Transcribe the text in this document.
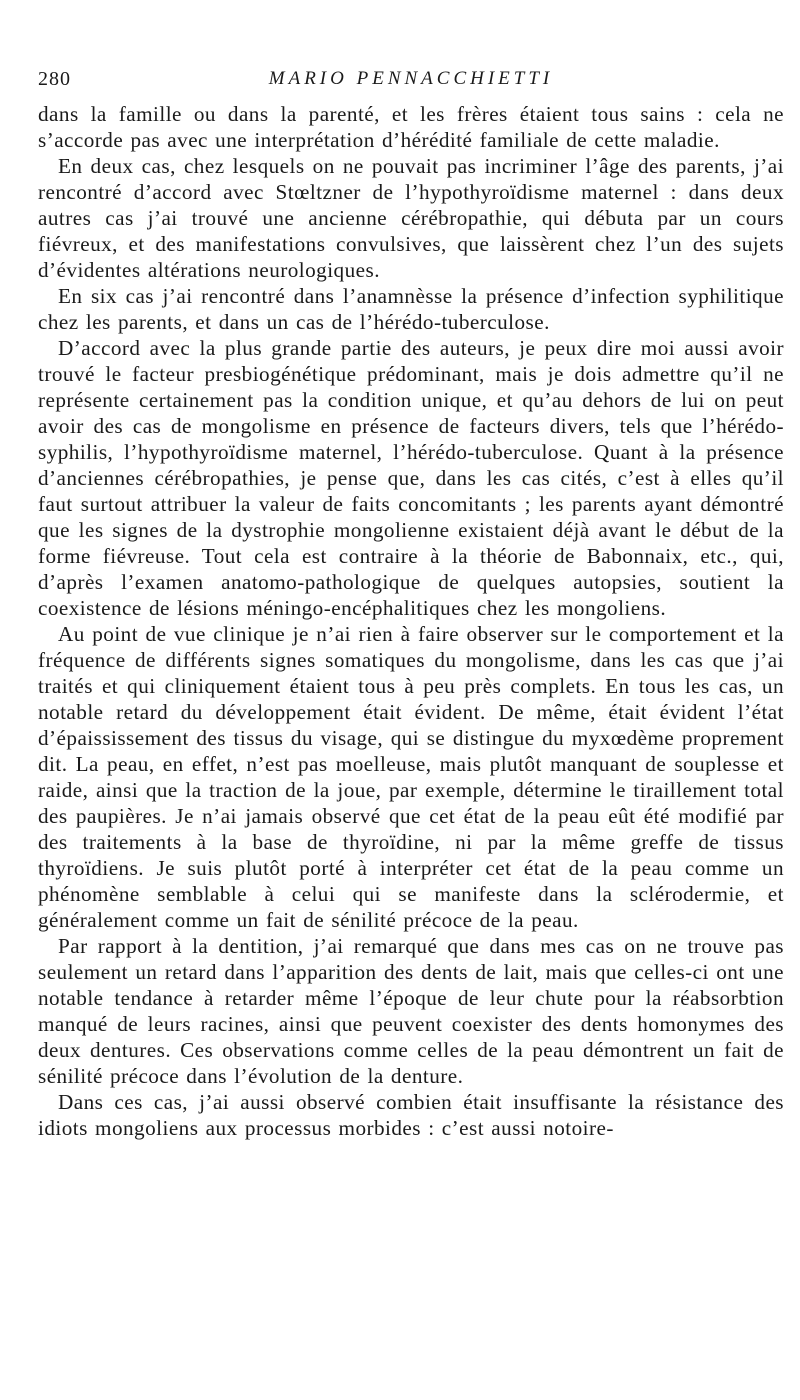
280	MARIO PENNACCHIETTI

dans la famille ou dans la parenté, et les frères étaient tous sains : cela ne s’accorde pas avec une interprétation d’hérédité familiale de cette maladie.

En deux cas, chez lesquels on ne pouvait pas incriminer l’âge des parents, j’ai rencontré d’accord avec Stœltzner de l’hypothyroïdisme maternel : dans deux autres cas j’ai trouvé une ancienne cérébropathie, qui débuta par un cours fiévreux, et des manifestations convulsives, que laissèrent chez l’un des sujets d’évidentes altérations neurologiques.

En six cas j’ai rencontré dans l’anamnèsse la présence d’infection syphilitique chez les parents, et dans un cas de l’hérédo-tuberculose.

D’accord avec la plus grande partie des auteurs, je peux dire moi aussi avoir trouvé le facteur presbiogénétique prédominant, mais je dois admettre qu’il ne représente certainement pas la condition unique, et qu’au dehors de lui on peut avoir des cas de mongolisme en présence de facteurs divers, tels que l’hérédo-syphilis, l’hypothyroïdisme maternel, l’hérédo-tuberculose. Quant à la présence d’anciennes cérébropathies, je pense que, dans les cas cités, c’est à elles qu’il faut surtout attribuer la valeur de faits concomitants ; les parents ayant démontré que les signes de la dystrophie mongolienne existaient déjà avant le début de la forme fiévreuse. Tout cela est contraire à la théorie de Babonnaix, etc., qui, d’après l’examen anatomo-pathologique de quelques autopsies, soutient la coexistence de lésions méningo-encéphalitiques chez les mongoliens.

Au point de vue clinique je n’ai rien à faire observer sur le comportement et la fréquence de différents signes somatiques du mongolisme, dans les cas que j’ai traités et qui cliniquement étaient tous à peu près complets. En tous les cas, un notable retard du développement était évident. De même, était évident l’état d’épaississement des tissus du visage, qui se distingue du myxœdème proprement dit. La peau, en effet, n’est pas moelleuse, mais plutôt manquant de souplesse et raide, ainsi que la traction de la joue, par exemple, détermine le tiraillement total des paupières. Je n’ai jamais observé que cet état de la peau eût été modifié par des traitements à la base de thyroïdine, ni par la même greffe de tissus thyroïdiens. Je suis plutôt porté à interpréter cet état de la peau comme un phénomène semblable à celui qui se manifeste dans la sclérodermie, et généralement comme un fait de sénilité précoce de la peau.

Par rapport à la dentition, j’ai remarqué que dans mes cas on ne trouve pas seulement un retard dans l’apparition des dents de lait, mais que celles-ci ont une notable tendance à retarder même l’époque de leur chute pour la réabsorbtion manqué de leurs racines, ainsi que peuvent coexister des dents homonymes des deux dentures. Ces observations comme celles de la peau démontrent un fait de sénilité précoce dans l’évolution de la denture.

Dans ces cas, j’ai aussi observé combien était insuffisante la résistance des idiots mongoliens aux processus morbides : c’est aussi notoire-
